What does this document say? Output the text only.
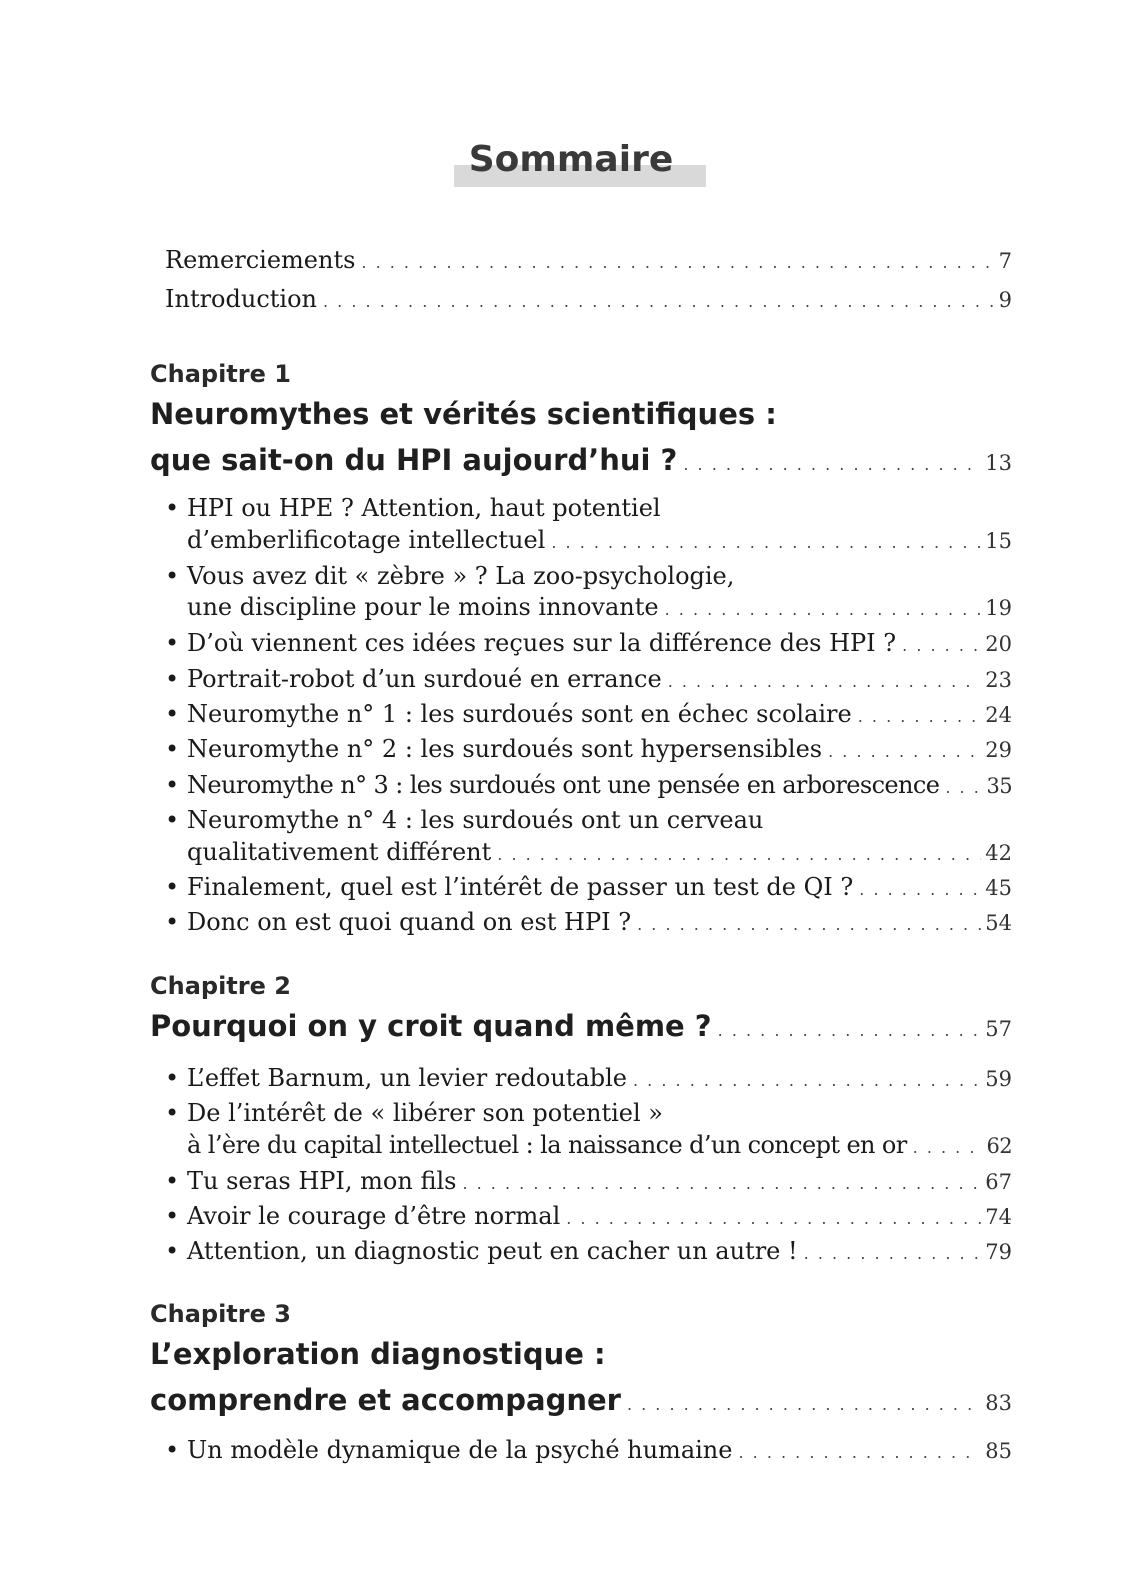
Sommaire
Remerciements . . .	7
Introduction . . .	9
Chapitre 1
Neuromythes et vérités scientifiques :
que sait-on du HPI aujourd’hui ? . . .	13
• HPI ou HPE ? Attention, haut potentiel
d’emberlificotage intellectuel . . .	15
• Vous avez dit « zèbre » ? La zoo-psychologie,
une discipline pour le moins innovante . . .	19
• D’où viennent ces idées reçues sur la différence des HPI ? . . .	20
• Portrait-robot d’un surdoué en errance . . .	23
• Neuromythe n° 1 : les surdoués sont en échec scolaire . . .	24
• Neuromythe n° 2 : les surdoués sont hypersensibles . . .	29
• Neuromythe n° 3 : les surdoués ont une pensée en arborescence . . . 35
• Neuromythe n° 4 : les surdoués ont un cerveau
qualitativement différent . . .	42
• Finalement, quel est l’intérêt de passer un test de QI ? . . .	45
• Donc on est quoi quand on est HPI ? . . .	54
Chapitre 2
Pourquoi on y croit quand même ? . . .	57
• L’effet Barnum, un levier redoutable . . .	59
• De l’intérêt de « libérer son potentiel »
à l’ère du capital intellectuel : la naissance d’un concept en or . . .	62
• Tu seras HPI, mon fils . . .	67
• Avoir le courage d’être normal . . .	74
• Attention, un diagnostic peut en cacher un autre ! . . .	79
Chapitre 3
L’exploration diagnostique :
comprendre et accompagner . . .	83
• Un modèle dynamique de la psyché humaine . . .	85
